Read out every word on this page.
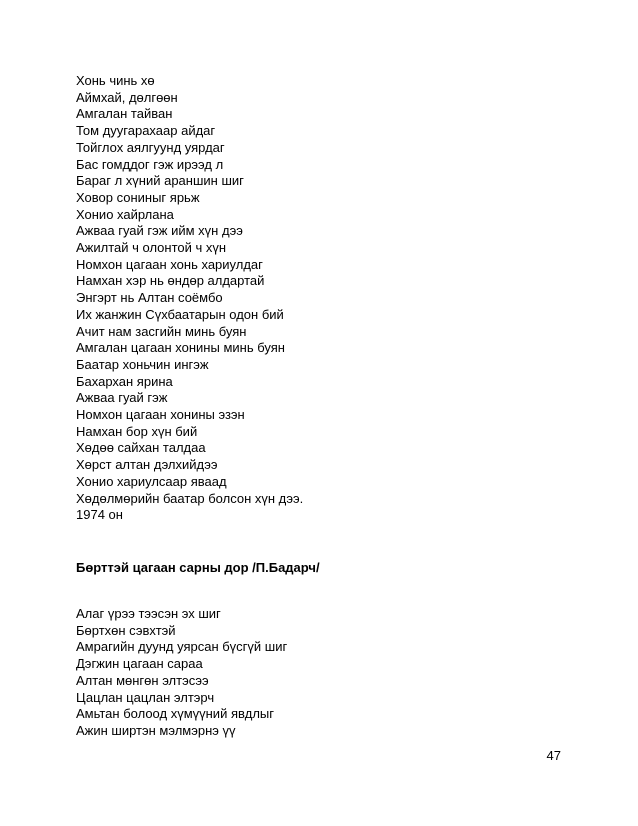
Хонь чинь хө
Аймхай, дөлгөөн
Амгалан тайван
Том дуугарахаар айдаг
Тойглох аялгуунд уярдаг
Бас гомддог гэж ирээд л
Бараг л хүний араншин шиг
Ховор сониныг ярьж
Хонио хайрлана
Ажваа гуай гэж ийм хүн дээ
Ажилтай ч олонтой ч хүн
Номхон цагаан хонь хариулдаг
Намхан хэр нь өндөр алдартай
Энгэрт нь Алтан соёмбо
Их жанжин Сүхбаатарын одон бий
Ачит нам засгийн минь буян
Амгалан цагаан хонины минь буян
Баатар хоньчин ингэж
Бахархан ярина
Ажваа гуай гэж
Номхон цагаан хонины эзэн
Намхан бор хүн бий
Хөдөө сайхан талдаа
Хөрст алтан дэлхийдээ
Хонио хариулсаар яваад
Хөдөлмөрийн баатар болсон хүн дээ.
1974 он
Бөрттэй цагаан сарны дор /П.Бадарч/
Алаг үрээ тээсэн эх шиг
Бөртхөн сэвхтэй
Амрагийн дуунд уярсан бүсгүй шиг
Дэгжин цагаан сараа
Алтан мөнгөн элтэсээ
Цацлан цацлан элтэрч
Амьтан болоод хүмүүний явдлыг
Ажин ширтэн мэлмэрнэ үү
47
